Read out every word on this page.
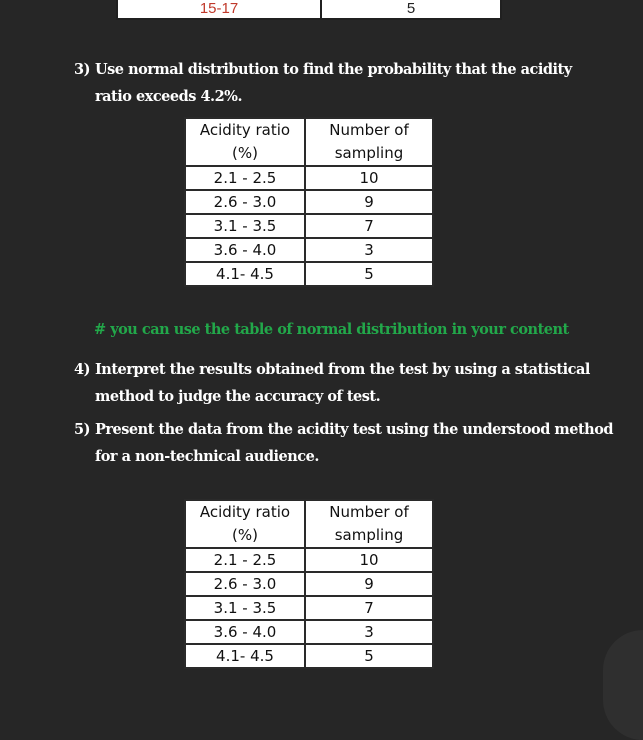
15-17	5
3) Use normal distribution to find the probability that the acidity
ratio exceeds 4.2%.
Acidity ratio (%)	Number of sampling
2.1 - 2.5	10
2.6 - 3.0	9
3.1 - 3.5	7
3.6 - 4.0	3
4.1- 4.5	5
# you can use the table of normal distribution in your content
4) Interpret the results obtained from the test by using a statistical
method to judge the accuracy of test.
5) Present the data from the acidity test using the understood method
for a non-technical audience.
Acidity ratio (%)	Number of sampling
2.1 - 2.5	10
2.6 - 3.0	9
3.1 - 3.5	7
3.6 - 4.0	3
4.1- 4.5	5
